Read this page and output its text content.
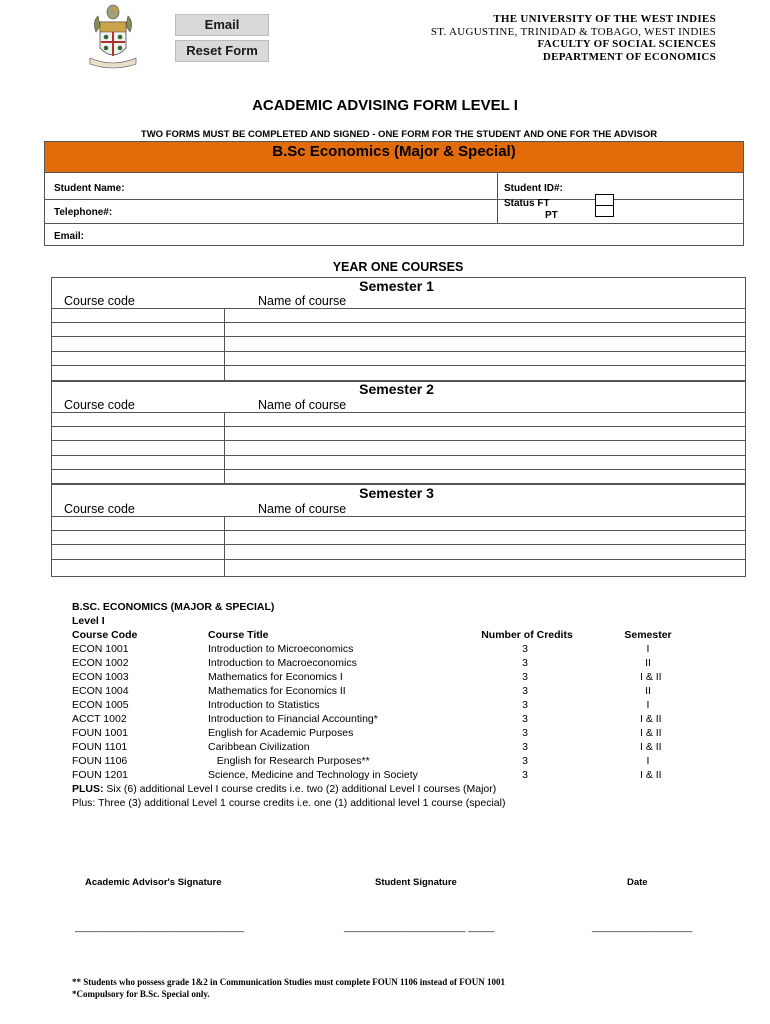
Email
Reset Form
THE UNIVERSITY OF THE WEST INDIES
ST. AUGUSTINE, TRINIDAD & TOBAGO, WEST INDIES
FACULTY OF SOCIAL SCIENCES
DEPARTMENT OF ECONOMICS
ACADEMIC ADVISING FORM LEVEL I
TWO FORMS MUST BE COMPLETED AND SIGNED - ONE FORM FOR THE STUDENT AND ONE FOR THE ADVISOR
B.Sc Economics (Major & Special)
Student Name:	Student ID#:
Status FT
PT
Telephone#:
Email:
YEAR ONE COURSES
Semester 1
Course code	Name of course
Semester 2
Course code	Name of course
Semester 3
Course code	Name of course
B.SC. ECONOMICS (MAJOR & SPECIAL)
Level I
Course Code	Course Title	Number of Credits	Semester
ECON 1001	Introduction to Microeconomics	3	I
ECON 1002	Introduction to Macroeconomics	3	II
ECON 1003	Mathematics for Economics I	3	I & II
ECON 1004	Mathematics for Economics II	3	II
ECON 1005	Introduction to Statistics	3	I
ACCT 1002	Introduction to Financial Accounting*	3	I & II
FOUN 1001	English for Academic Purposes	3	I & II
FOUN 1101	Caribbean Civilization	3	I & II
FOUN 1106	English for Research Purposes**	3	I
FOUN 1201	Science, Medicine and Technology in Society	3	I & II
PLUS: Six (6) additional Level I course credits i.e. two (2) additional Level I courses (Major)
Plus: Three (3) additional Level 1 course credits i.e. one (1) additional level 1 course (special)
Academic Advisor's Signature	Student Signature	Date
________________________________	_______________________ _____	___________________
** Students who possess grade 1&2 in Communication Studies must complete FOUN 1106 instead of FOUN 1001
*Compulsory for B.Sc. Special only.
